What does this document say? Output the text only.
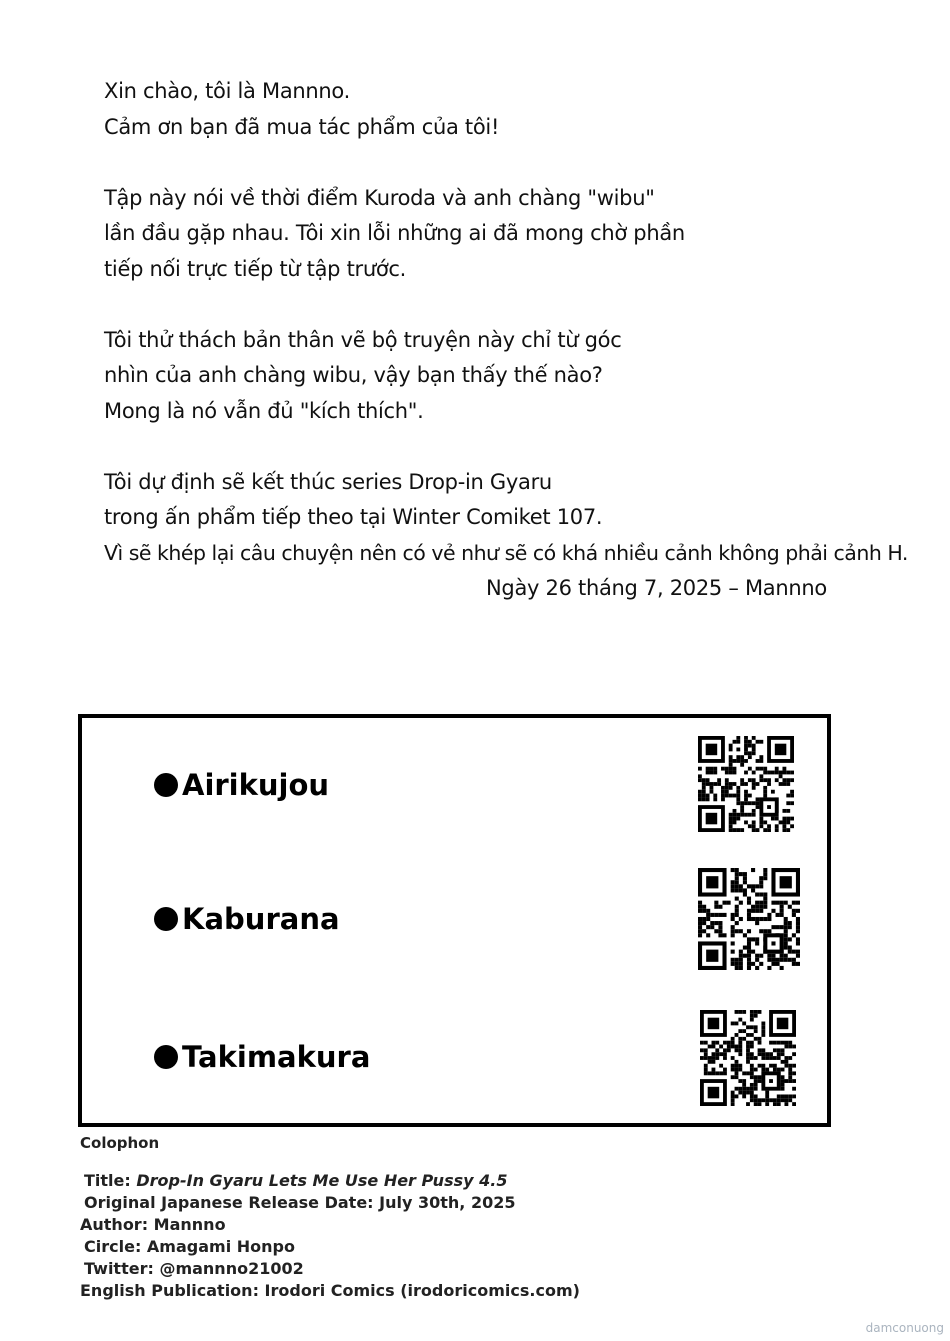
Xin chào, tôi là Mannno.
Cảm ơn bạn đã mua tác phẩm của tôi!
Tập này nói về thời điểm Kuroda và anh chàng "wibu"
lần đầu gặp nhau. Tôi xin lỗi những ai đã mong chờ phần
tiếp nối trực tiếp từ tập trước.
Tôi thử thách bản thân vẽ bộ truyện này chỉ từ góc
nhìn của anh chàng wibu, vậy bạn thấy thế nào?
Mong là nó vẫn đủ "kích thích".
Tôi dự định sẽ kết thúc series Drop-in Gyaru
trong ấn phẩm tiếp theo tại Winter Comiket 107.
Vì sẽ khép lại câu chuyện nên có vẻ như sẽ có khá nhiều cảnh không phải cảnh H.
Ngày 26 tháng 7, 2025 – Mannno
Airikujou
Kaburana
Takimakura
Colophon
Title: Drop-In Gyaru Lets Me Use Her Pussy 4.5
Original Japanese Release Date: July 30th, 2025
Author: Mannno
Circle: Amagami Honpo
Twitter: @mannno21002
English Publication: Irodori Comics (irodoricomics.com)
damconuong
